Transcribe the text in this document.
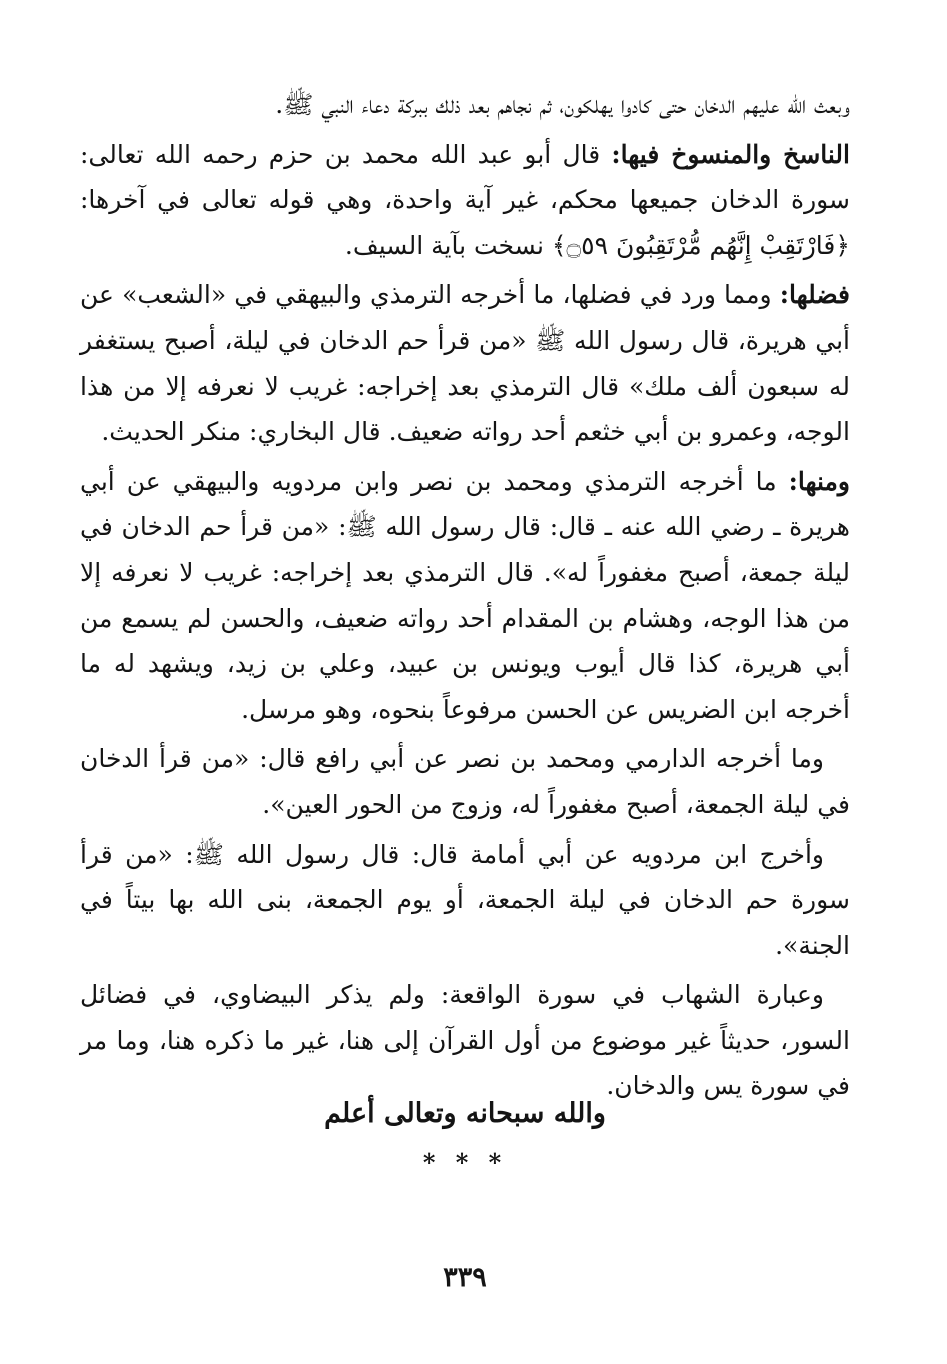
وبعث الله عليهم الدخان حتى كادوا يهلكون، ثم نجاهم بعد ذلك ببركة دعاء النبي ﷺ.

الناسخ والمنسوخ فيها: قال أبو عبد الله محمد بن حزم رحمه الله تعالى: سورة الدخان جميعها محكم، غير آية واحدة، وهي قوله تعالى في آخرها: ﴿فَارْتَقِبْ إِنَّهُم مُّرْتَقِبُونَ ۝٥٩﴾ نسخت بآية السيف.

فضلها: ومما ورد في فضلها، ما أخرجه الترمذي والبيهقي في «الشعب» عن أبي هريرة، قال رسول الله ﷺ «من قرأ حم الدخان في ليلة، أصبح يستغفر له سبعون ألف ملك» قال الترمذي بعد إخراجه: غريب لا نعرفه إلا من هذا الوجه، وعمرو بن أبي خثعم أحد رواته ضعيف. قال البخاري: منكر الحديث.

ومنها: ما أخرجه الترمذي ومحمد بن نصر وابن مردويه والبيهقي عن أبي هريرة ـ رضي الله عنه ـ قال: قال رسول الله ﷺ: «من قرأ حم الدخان في ليلة جمعة، أصبح مغفوراً له». قال الترمذي بعد إخراجه: غريب لا نعرفه إلا من هذا الوجه، وهشام بن المقدام أحد رواته ضعيف، والحسن لم يسمع من أبي هريرة، كذا قال أيوب ويونس بن عبيد، وعلي بن زيد، ويشهد له ما أخرجه ابن الضريس عن الحسن مرفوعاً بنحوه، وهو مرسل.

وما أخرجه الدارمي ومحمد بن نصر عن أبي رافع قال: «من قرأ الدخان في ليلة الجمعة، أصبح مغفوراً له، وزوج من الحور العين».

وأخرج ابن مردويه عن أبي أمامة قال: قال رسول الله ﷺ: «من قرأ سورة حم الدخان في ليلة الجمعة، أو يوم الجمعة، بنى الله بها بيتاً في الجنة».

وعبارة الشهاب في سورة الواقعة: ولم يذكر البيضاوي، في فضائل السور، حديثاً غير موضوع من أول القرآن إلى هنا، غير ما ذكره هنا، وما مر في سورة يس والدخان.

والله سبحانه وتعالى أعلم
* * *
٣٣٩
